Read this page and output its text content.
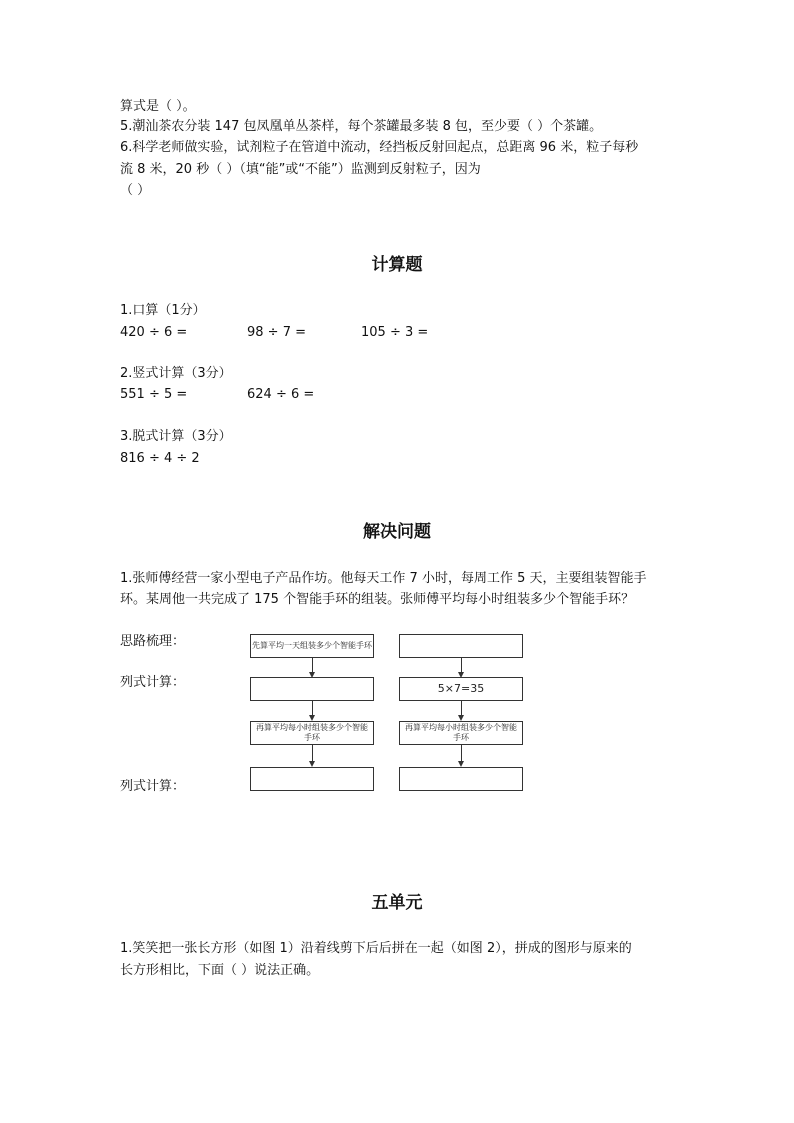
算式是（ ）。
5.潮汕茶农分装 147 包凤凰单丛茶样，每个茶罐最多装 8 包，至少要（ ）个茶罐。
6.科学老师做实验，试剂粒子在管道中流动，经挡板反射回起点，总距离 96 米，粒子每秒
流 8 米，20 秒（ ）（填“能”或“不能”）监测到反射粒子，因为
（ ）
计算题
1.口算（1分）
420 ÷ 6 =	98 ÷ 7 =	105 ÷ 3 =
2.竖式计算（3分）
551 ÷ 5 =	624 ÷ 6 =
3.脱式计算（3分）
816 ÷ 4 ÷ 2
解决问题
1.张师傅经营一家小型电子产品作坊。他每天工作 7 小时，每周工作 5 天，主要组装智能手
环。某周他一共完成了 175 个智能手环的组装。张师傅平均每小时组装多少个智能手环？
思路梳理：
列式计算：
列式计算：
先算平均一天组装多少个智能手环
再算平均每小时组装多少个智能手环
5×7=35
再算平均每小时组装多少个智能手环
五单元
1.笑笑把一张长方形（如图 1）沿着线剪下后后拼在一起（如图 2），拼成的图形与原来的
长方形相比，下面（ ）说法正确。
